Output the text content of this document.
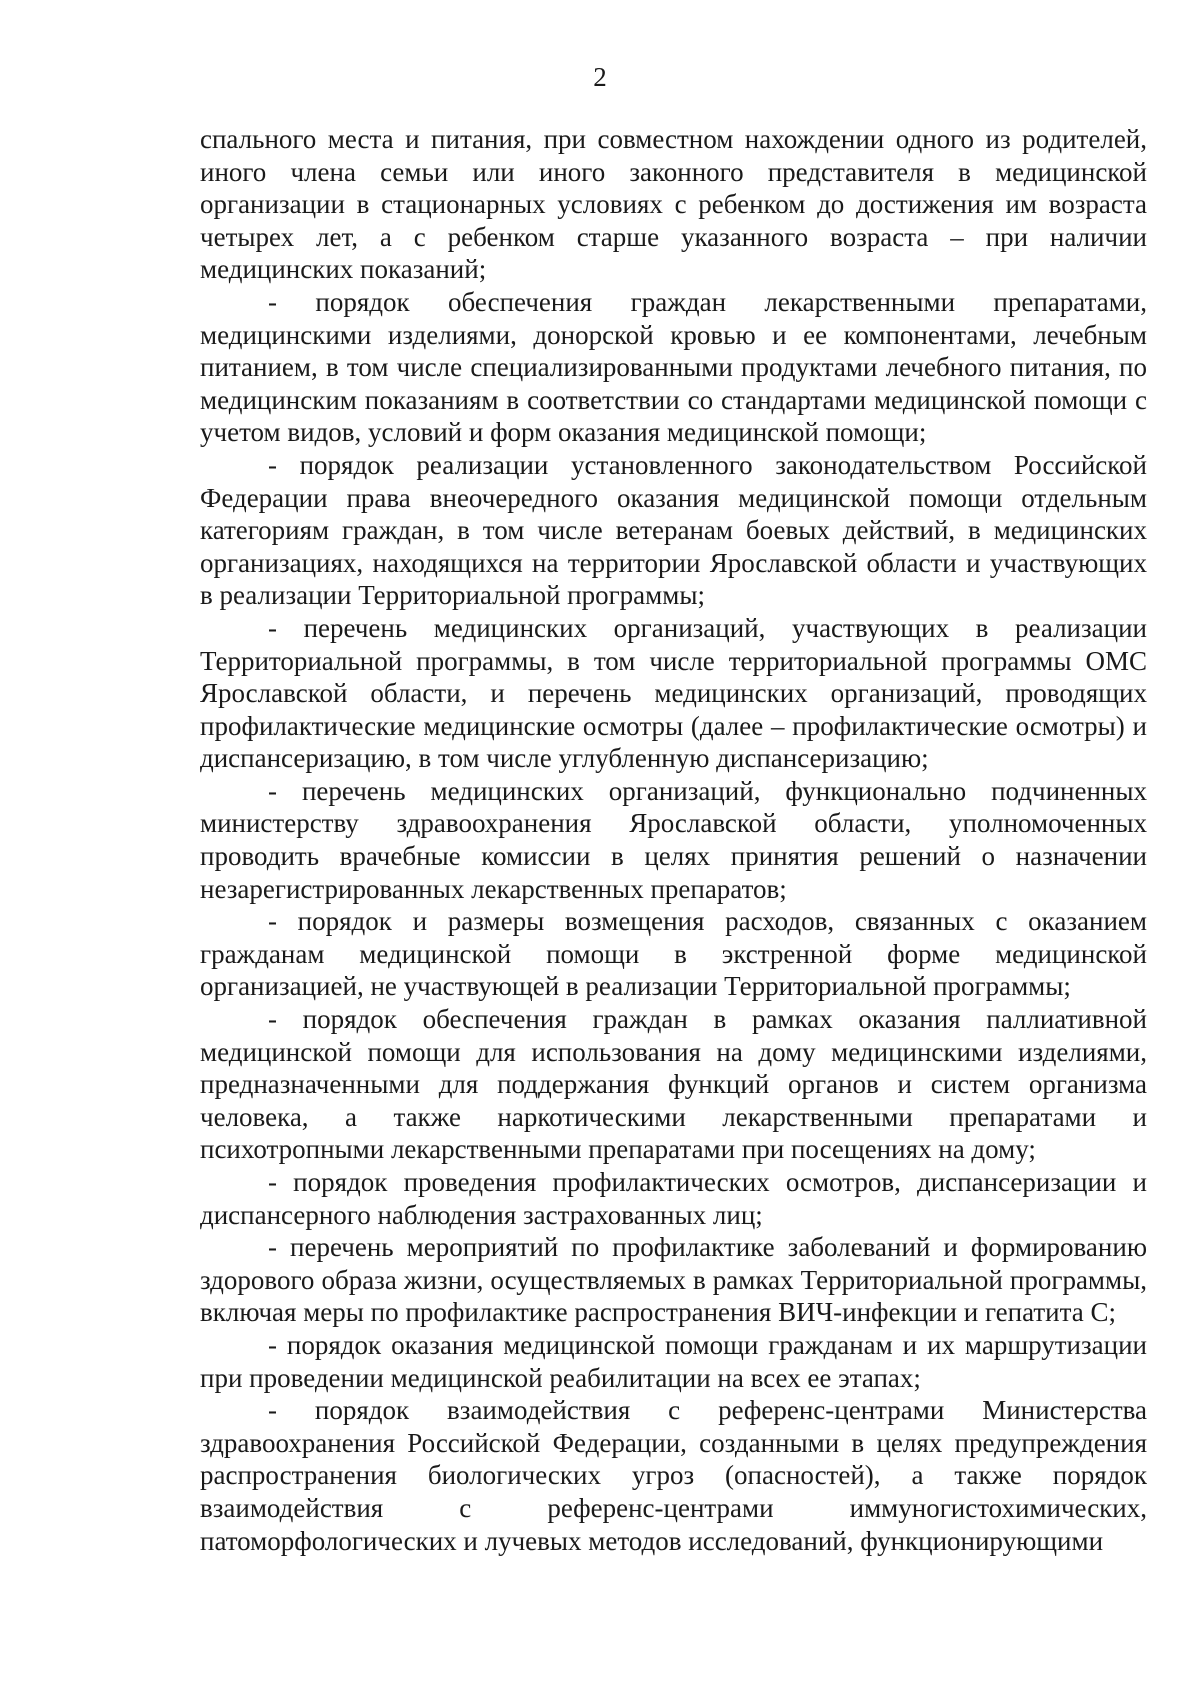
2

спального места и питания, при совместном нахождении одного из родителей, иного члена семьи или иного законного представителя в медицинской организации в стационарных условиях с ребенком до достижения им возраста четырех лет, а с ребенком старше указанного возраста – при наличии медицинских показаний;

- порядок обеспечения граждан лекарственными препаратами, медицинскими изделиями, донорской кровью и ее компонентами, лечебным питанием, в том числе специализированными продуктами лечебного питания, по медицинским показаниям в соответствии со стандартами медицинской помощи с учетом видов, условий и форм оказания медицинской помощи;

- порядок реализации установленного законодательством Российской Федерации права внеочередного оказания медицинской помощи отдельным категориям граждан, в том числе ветеранам боевых действий, в медицинских организациях, находящихся на территории Ярославской области и участвующих в реализации Территориальной программы;

- перечень медицинских организаций, участвующих в реализации Территориальной программы, в том числе территориальной программы ОМС Ярославской области, и перечень медицинских организаций, проводящих профилактические медицинские осмотры (далее – профилактические осмотры) и диспансеризацию, в том числе углубленную диспансеризацию;

- перечень медицинских организаций, функционально подчиненных министерству здравоохранения Ярославской области, уполномоченных проводить врачебные комиссии в целях принятия решений о назначении незарегистрированных лекарственных препаратов;

- порядок и размеры возмещения расходов, связанных с оказанием гражданам медицинской помощи в экстренной форме медицинской организацией, не участвующей в реализации Территориальной программы;

- порядок обеспечения граждан в рамках оказания паллиативной медицинской помощи для использования на дому медицинскими изделиями, предназначенными для поддержания функций органов и систем организма человека, а также наркотическими лекарственными препаратами и психотропными лекарственными препаратами при посещениях на дому;

- порядок проведения профилактических осмотров, диспансеризации и диспансерного наблюдения застрахованных лиц;

- перечень мероприятий по профилактике заболеваний и формированию здорового образа жизни, осуществляемых в рамках Территориальной программы, включая меры по профилактике распространения ВИЧ-инфекции и гепатита С;

- порядок оказания медицинской помощи гражданам и их маршрутизации при проведении медицинской реабилитации на всех ее этапах;

- порядок взаимодействия с референс-центрами Министерства здравоохранения Российской Федерации, созданными в целях предупреждения распространения биологических угроз (опасностей), а также порядок взаимодействия с референс-центрами иммуногистохимических, патоморфологических и лучевых методов исследований, функционирующими
